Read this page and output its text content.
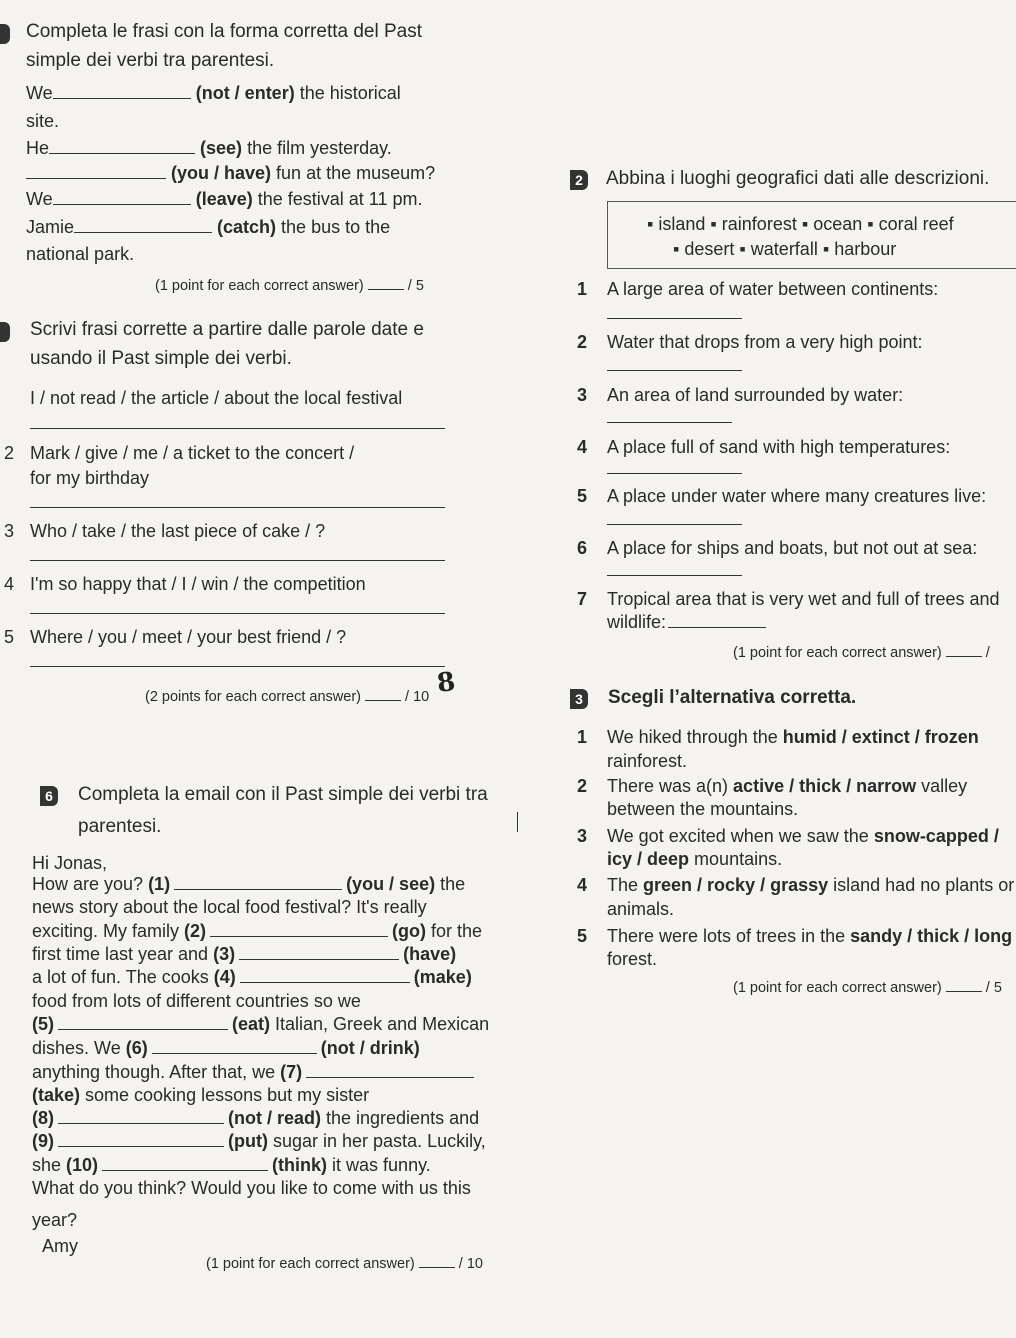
Completa le frasi con la forma corretta del Past
simple dei verbi tra parentesi.
We	(not / enter) the historical
site.
He	(see) the film yesterday.
(you / have) fun at the museum?
We	(leave) the festival at 11 pm.
Jamie	(catch) the bus to the
national park.
(1 point for each correct answer)	/ 5
Scrivi frasi corrette a partire dalle parole date e
usando il Past simple dei verbi.
I / not read / the article / about the local festival
2 Mark / give / me / a ticket to the concert /
for my birthday
3 Who / take / the last piece of cake / ?
4 I'm so happy that / I / win / the competition
5 Where / you / meet / your best friend / ?
(2 points for each correct answer)	/ 10 8
6 Completa la email con il Past simple dei verbi tra
parentesi.
Hi Jonas,
How are you? (1)	(you / see) the
news story about the local food festival? It's really
exciting. My family (2)	(go) for the
first time last year and (3)	(have)
a lot of fun. The cooks (4)	(make)
food from lots of different countries so we
(5)	(eat) Italian, Greek and Mexican
dishes. We (6)	(not / drink)
anything though. After that, we (7)
(take) some cooking lessons but my sister
(8)	(not / read) the ingredients and
(9)	(put) sugar in her pasta. Luckily,
she (10)	(think) it was funny.
What do you think? Would you like to come with us this
year?
Amy
(1 point for each correct answer)	/ 10
2 Abbina i luoghi geografici dati alle descrizioni.
▪ island ▪ rainforest ▪ ocean ▪ coral reef
▪ desert ▪ waterfall ▪ harbour
1 A large area of water between continents:
2 Water that drops from a very high point:
3 An area of land surrounded by water:
4 A place full of sand with high temperatures:
5 A place under water where many creatures live:
6 A place for ships and boats, but not out at sea:
7 Tropical area that is very wet and full of trees and
wildlife:
(1 point for each correct answer)	/
3 Scegli l’alternativa corretta.
1 We hiked through the humid / extinct / frozen
rainforest.
2 There was a(n) active / thick / narrow valley
between the mountains.
3 We got excited when we saw the snow-capped /
icy / deep mountains.
4 The green / rocky / grassy island had no plants or
animals.
5 There were lots of trees in the sandy / thick / long
forest.
(1 point for each correct answer)	/ 5
